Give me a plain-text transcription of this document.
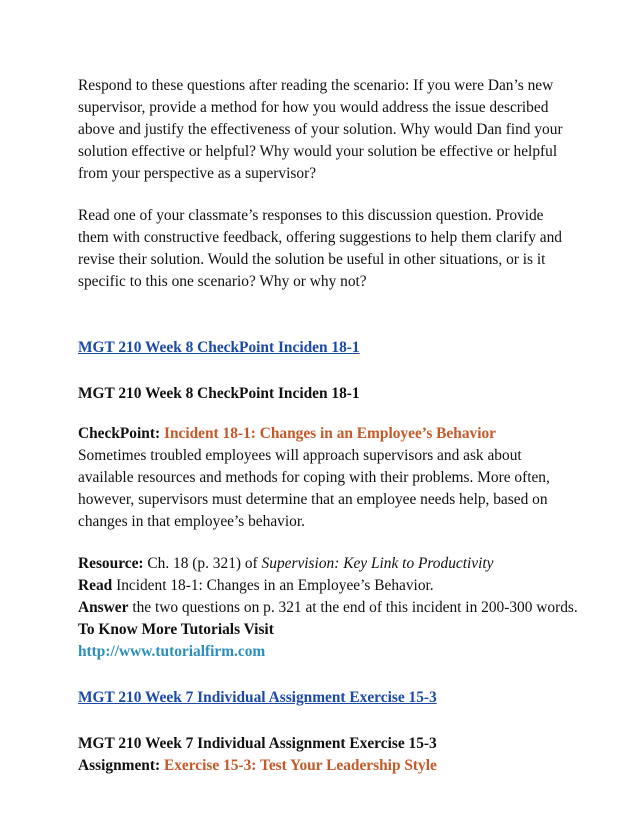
Respond to these questions after reading the scenario: If you were Dan’s new supervisor, provide a method for how you would address the issue described above and justify the effectiveness of your solution. Why would Dan find your solution effective or helpful? Why would your solution be effective or helpful from your perspective as a supervisor?

Read one of your classmate’s responses to this discussion question. Provide them with constructive feedback, offering suggestions to help them clarify and revise their solution. Would the solution be useful in other situations, or is it specific to this one scenario? Why or why not?

MGT 210 Week 8 CheckPoint Inciden 18-1

MGT 210 Week 8 CheckPoint Inciden 18-1

CheckPoint: Incident 18-1: Changes in an Employee’s Behavior

Sometimes troubled employees will approach supervisors and ask about available resources and methods for coping with their problems. More often, however, supervisors must determine that an employee needs help, based on changes in that employee’s behavior.

Resource: Ch. 18 (p. 321) of Supervision: Key Link to Productivity

Read Incident 18-1: Changes in an Employee’s Behavior.

Answer the two questions on p. 321 at the end of this incident in 200-300 words.

To Know More Tutorials Visit

http://www.tutorialfirm.com

MGT 210 Week 7 Individual Assignment Exercise 15-3

MGT 210 Week 7 Individual Assignment Exercise 15-3

Assignment: Exercise 15-3: Test Your Leadership Style
